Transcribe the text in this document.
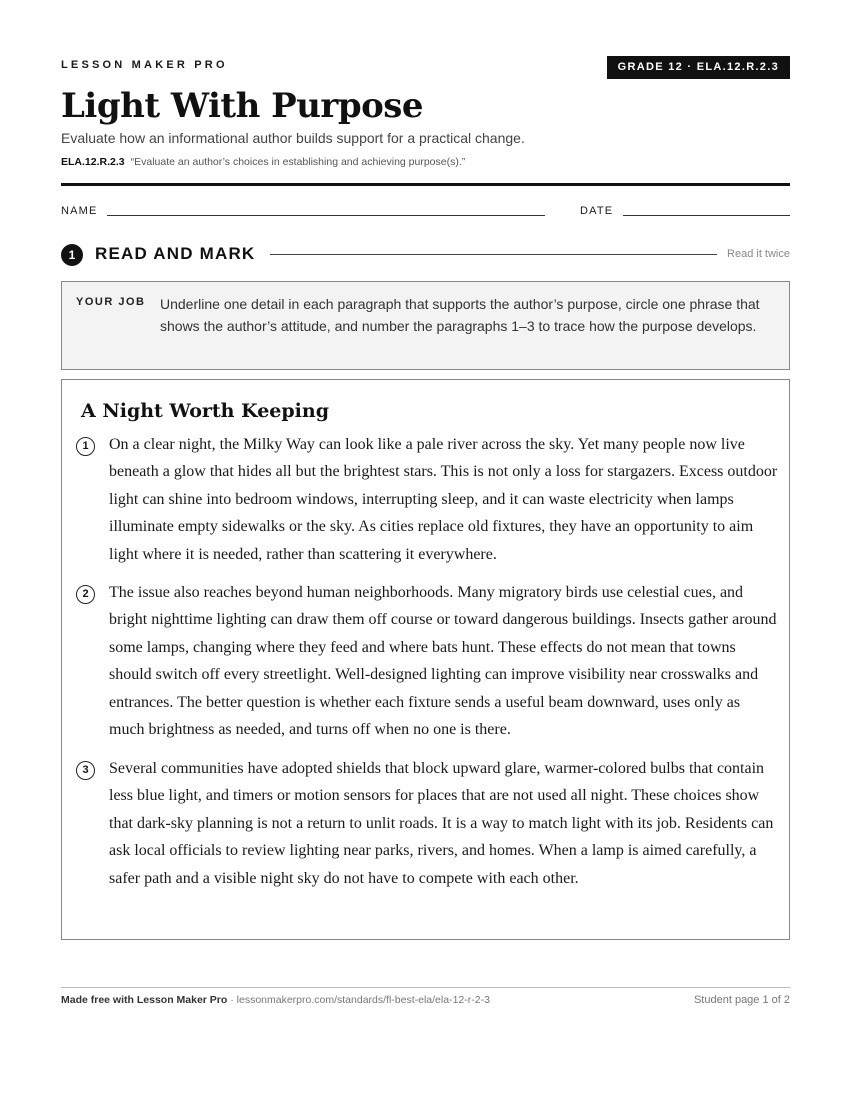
LESSON MAKER PRO	GRADE 12 · ELA.12.R.2.3
Light With Purpose
Evaluate how an informational author builds support for a practical change.
ELA.12.R.2.3 “Evaluate an author’s choices in establishing and achieving purpose(s).”
NAME	DATE
1	READ AND MARK	Read it twice
YOUR JOB Underline one detail in each paragraph that supports the author’s purpose, circle one phrase that shows the author’s attitude, and number the paragraphs 1–3 to trace how the purpose develops.
A Night Worth Keeping
1	On a clear night, the Milky Way can look like a pale river across the sky. Yet many people now live beneath a glow that hides all but the brightest stars. This is not only a loss for stargazers. Excess outdoor light can shine into bedroom windows, interrupting sleep, and it can waste electricity when lamps illuminate empty sidewalks or the sky. As cities replace old fixtures, they have an opportunity to aim light where it is needed, rather than scattering it everywhere.

2	The issue also reaches beyond human neighborhoods. Many migratory birds use celestial cues, and bright nighttime lighting can draw them off course or toward dangerous buildings. Insects gather around some lamps, changing where they feed and where bats hunt. These effects do not mean that towns should switch off every streetlight. Well-designed lighting can improve visibility near crosswalks and entrances. The better question is whether each fixture sends a useful beam downward, uses only as much brightness as needed, and turns off when no one is there.

3	Several communities have adopted shields that block upward glare, warmer-colored bulbs that contain less blue light, and timers or motion sensors for places that are not used all night. These choices show that dark-sky planning is not a return to unlit roads. It is a way to match light with its job. Residents can ask local officials to review lighting near parks, rivers, and homes. When a lamp is aimed carefully, a safer path and a visible night sky do not have to compete with each other.

Made free with Lesson Maker Pro · lessonmakerpro.com/standards/fl-best-ela/ela-12-r-2-3	Student page 1 of 2
